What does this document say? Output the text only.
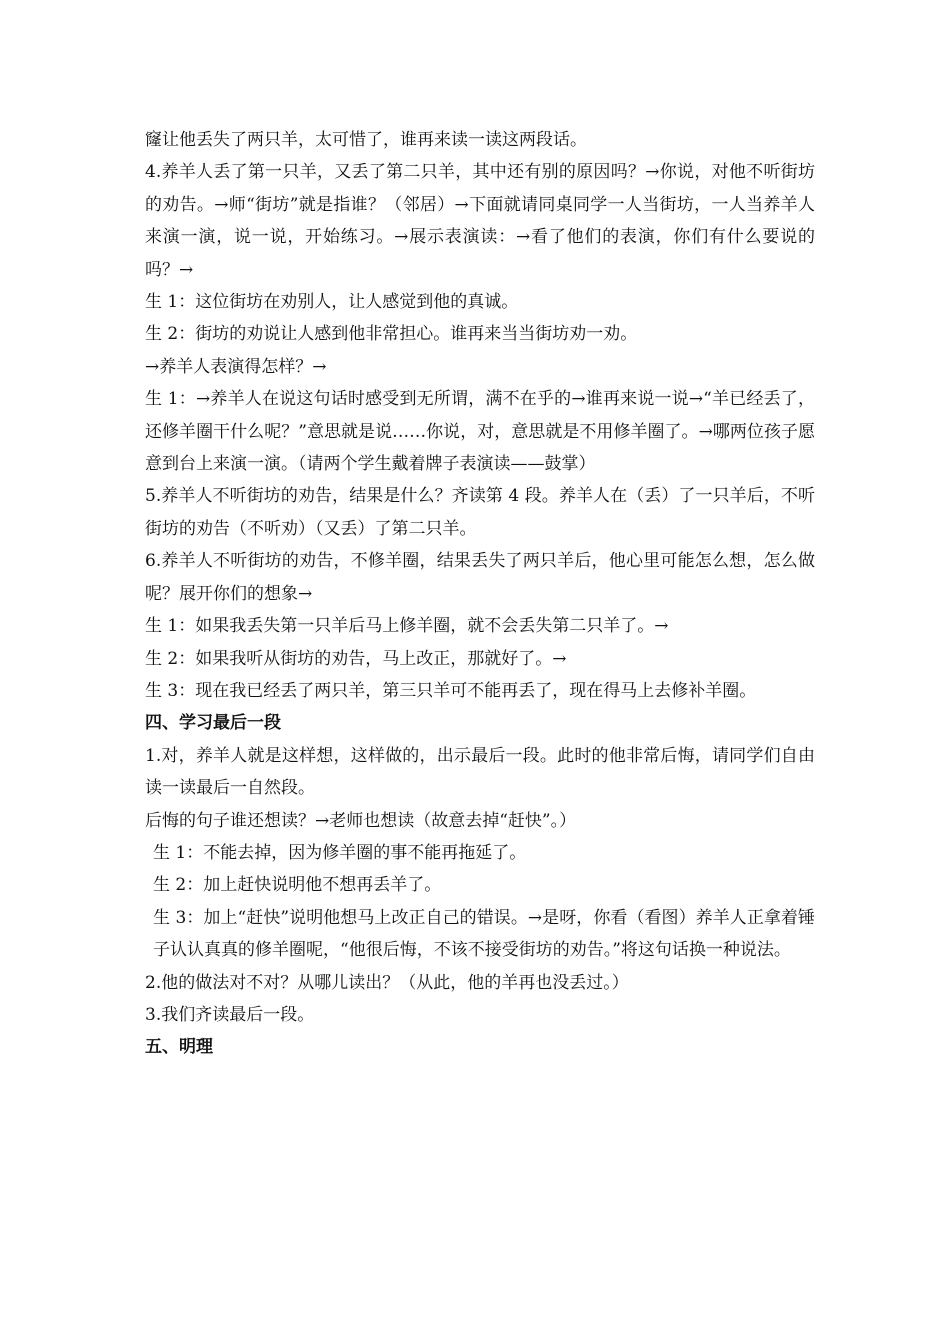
窿让他丢失了两只羊，太可惜了，谁再来读一读这两段话。

4.养羊人丢了第一只羊，又丢了第二只羊，其中还有别的原因吗？→你说，对他不听街坊的劝告。→师“街坊”就是指谁？（邻居）→下面就请同桌同学一人当街坊，一人当养羊人来演一演，说一说，开始练习。→展示表演读：→看了他们的表演，你们有什么要说的吗？→

生 1：这位街坊在劝别人，让人感觉到他的真诚。

生 2：街坊的劝说让人感到他非常担心。谁再来当当街坊劝一劝。

→养羊人表演得怎样？→

生 1：→养羊人在说这句话时感受到无所谓，满不在乎的→谁再来说一说→“羊已经丢了，还修羊圈干什么呢？”意思就是说……你说，对，意思就是不用修羊圈了。→哪两位孩子愿意到台上来演一演。（请两个学生戴着牌子表演读——鼓掌）

5.养羊人不听街坊的劝告，结果是什么？齐读第 4 段。养羊人在（丢）了一只羊后，不听街坊的劝告（不听劝）（又丢）了第二只羊。

6.养羊人不听街坊的劝告，不修羊圈，结果丢失了两只羊后，他心里可能怎么想，怎么做呢？展开你们的想象→

生 1：如果我丢失第一只羊后马上修羊圈，就不会丢失第二只羊了。→

生 2：如果我听从街坊的劝告，马上改正，那就好了。→

生 3：现在我已经丢了两只羊，第三只羊可不能再丢了，现在得马上去修补羊圈。

四、学习最后一段

1.对，养羊人就是这样想，这样做的，出示最后一段。此时的他非常后悔，请同学们自由读一读最后一自然段。

后悔的句子谁还想读？→老师也想读（故意去掉“赶快”。）

生 1：不能去掉，因为修羊圈的事不能再拖延了。

生 2：加上赶快说明他不想再丢羊了。

生 3：加上“赶快”说明他想马上改正自己的错误。→是呀，你看（看图）养羊人正拿着锤子认认真真的修羊圈呢，“他很后悔，不该不接受街坊的劝告。”将这句话换一种说法。

2.他的做法对不对？从哪儿读出？（从此，他的羊再也没丢过。）

3.我们齐读最后一段。

五、明理
